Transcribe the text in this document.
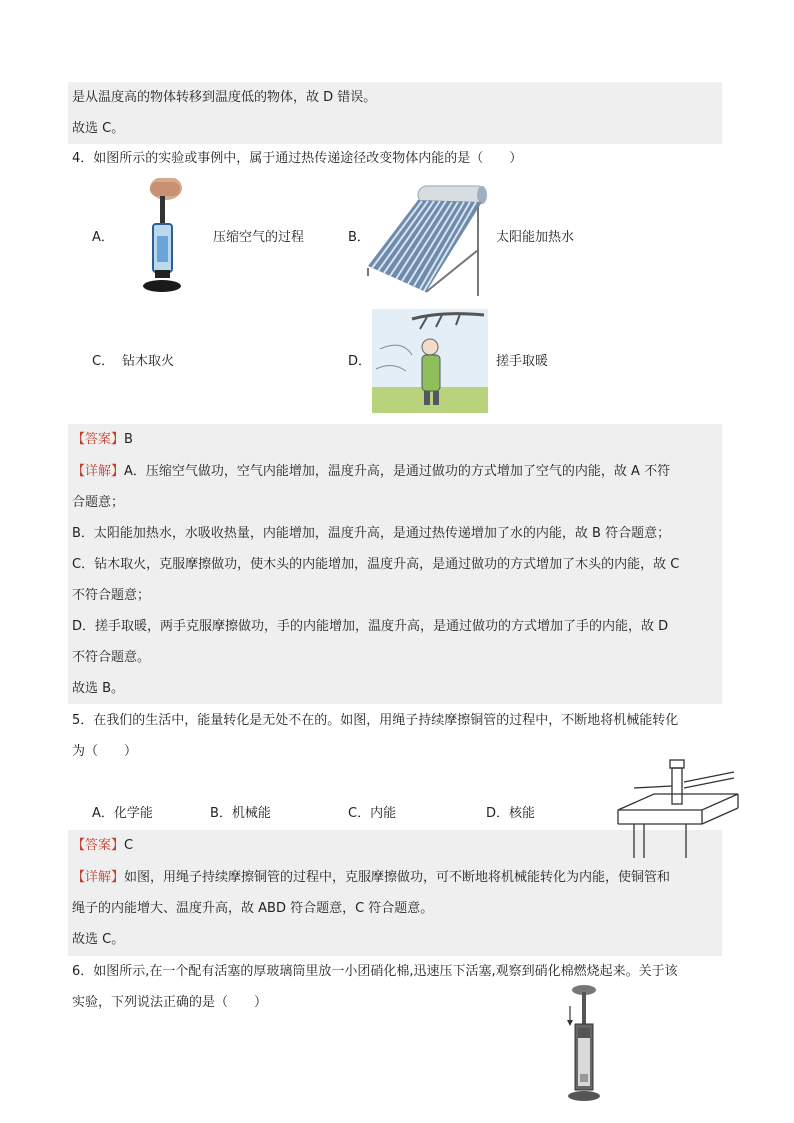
是从温度高的物体转移到温度低的物体，故 D 错误。
故选 C。
4．如图所示的实验或事例中，属于通过热传递途径改变物体内能的是（　　）
A．	压缩空气的过程	B．	太阳能加热水
C． 钻木取火	D．	搓手取暖
【答案】B
【详解】A．压缩空气做功，空气内能增加，温度升高，是通过做功的方式增加了空气的内能，故 A 不符
合题意；
B．太阳能加热水，水吸收热量，内能增加，温度升高，是通过热传递增加了水的内能，故 B 符合题意；
C．钻木取火，克服摩擦做功，使木头的内能增加，温度升高，是通过做功的方式增加了木头的内能，故 C
不符合题意；
D．搓手取暖，两手克服摩擦做功，手的内能增加，温度升高，是通过做功的方式增加了手的内能，故 D
不符合题意。
故选 B。
5．在我们的生活中，能量转化是无处不在的。如图，用绳子持续摩擦铜管的过程中，不断地将机械能转化
为（　　）
A．化学能	B．机械能	C．内能	D．核能
【答案】C
【详解】如图，用绳子持续摩擦铜管的过程中，克服摩擦做功，可不断地将机械能转化为内能，使铜管和
绳子的内能增大、温度升高，故 ABD 符合题意，C 符合题意。
故选 C。
6．如图所示,在一个配有活塞的厚玻璃筒里放一小团硝化棉,迅速压下活塞,观察到硝化棉燃烧起来。关于该
实验，下列说法正确的是（　　）
